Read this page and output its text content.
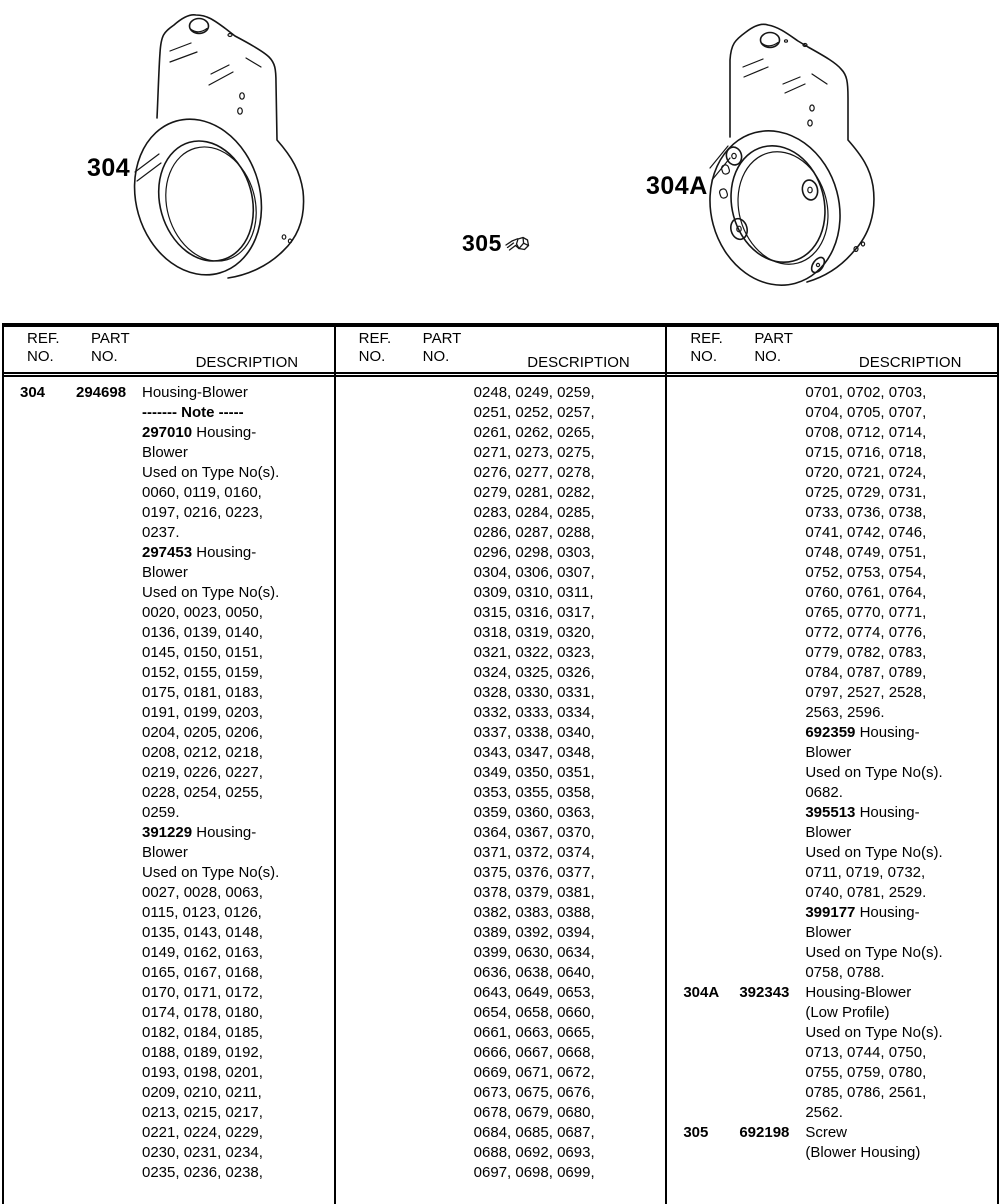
304
304A
305
REF.
NO.
PART
NO.	DESCRIPTION
304	294698	Housing-Blower
------- Note -----
297010 Housing-
Blower
Used on Type No(s).
0060, 0119, 0160,
0197, 0216, 0223,
0237.
297453 Housing-
Blower
Used on Type No(s).
0020, 0023, 0050,
0136, 0139, 0140,
0145, 0150, 0151,
0152, 0155, 0159,
0175, 0181, 0183,
0191, 0199, 0203,
0204, 0205, 0206,
0208, 0212, 0218,
0219, 0226, 0227,
0228, 0254, 0255,
0259.
391229 Housing-
Blower
Used on Type No(s).
0027, 0028, 0063,
0115, 0123, 0126,
0135, 0143, 0148,
0149, 0162, 0163,
0165, 0167, 0168,
0170, 0171, 0172,
0174, 0178, 0180,
0182, 0184, 0185,
0188, 0189, 0192,
0193, 0198, 0201,
0209, 0210, 0211,
0213, 0215, 0217,
0221, 0224, 0229,
0230, 0231, 0234,
0235, 0236, 0238,
REF.
NO.
PART
NO.	DESCRIPTION
0248, 0249, 0259,
0251, 0252, 0257,
0261, 0262, 0265,
0271, 0273, 0275,
0276, 0277, 0278,
0279, 0281, 0282,
0283, 0284, 0285,
0286, 0287, 0288,
0296, 0298, 0303,
0304, 0306, 0307,
0309, 0310, 0311,
0315, 0316, 0317,
0318, 0319, 0320,
0321, 0322, 0323,
0324, 0325, 0326,
0328, 0330, 0331,
0332, 0333, 0334,
0337, 0338, 0340,
0343, 0347, 0348,
0349, 0350, 0351,
0353, 0355, 0358,
0359, 0360, 0363,
0364, 0367, 0370,
0371, 0372, 0374,
0375, 0376, 0377,
0378, 0379, 0381,
0382, 0383, 0388,
0389, 0392, 0394,
0399, 0630, 0634,
0636, 0638, 0640,
0643, 0649, 0653,
0654, 0658, 0660,
0661, 0663, 0665,
0666, 0667, 0668,
0669, 0671, 0672,
0673, 0675, 0676,
0678, 0679, 0680,
0684, 0685, 0687,
0688, 0692, 0693,
0697, 0698, 0699,
REF.
NO.
PART
NO.	DESCRIPTION
0701, 0702, 0703,
0704, 0705, 0707,
0708, 0712, 0714,
0715, 0716, 0718,
0720, 0721, 0724,
0725, 0729, 0731,
0733, 0736, 0738,
0741, 0742, 0746,
0748, 0749, 0751,
0752, 0753, 0754,
0760, 0761, 0764,
0765, 0770, 0771,
0772, 0774, 0776,
0779, 0782, 0783,
0784, 0787, 0789,
0797, 2527, 2528,
2563, 2596.
692359 Housing-
Blower
Used on Type No(s).
0682.
395513 Housing-
Blower
Used on Type No(s).
0711, 0719, 0732,
0740, 0781, 2529.
399177 Housing-
Blower
Used on Type No(s).
0758, 0788.
304A	392343	Housing-Blower
(Low Profile)
Used on Type No(s).
0713, 0744, 0750,
0755, 0759, 0780,
0785, 0786, 2561,
2562.
305	692198	Screw
(Blower Housing)
